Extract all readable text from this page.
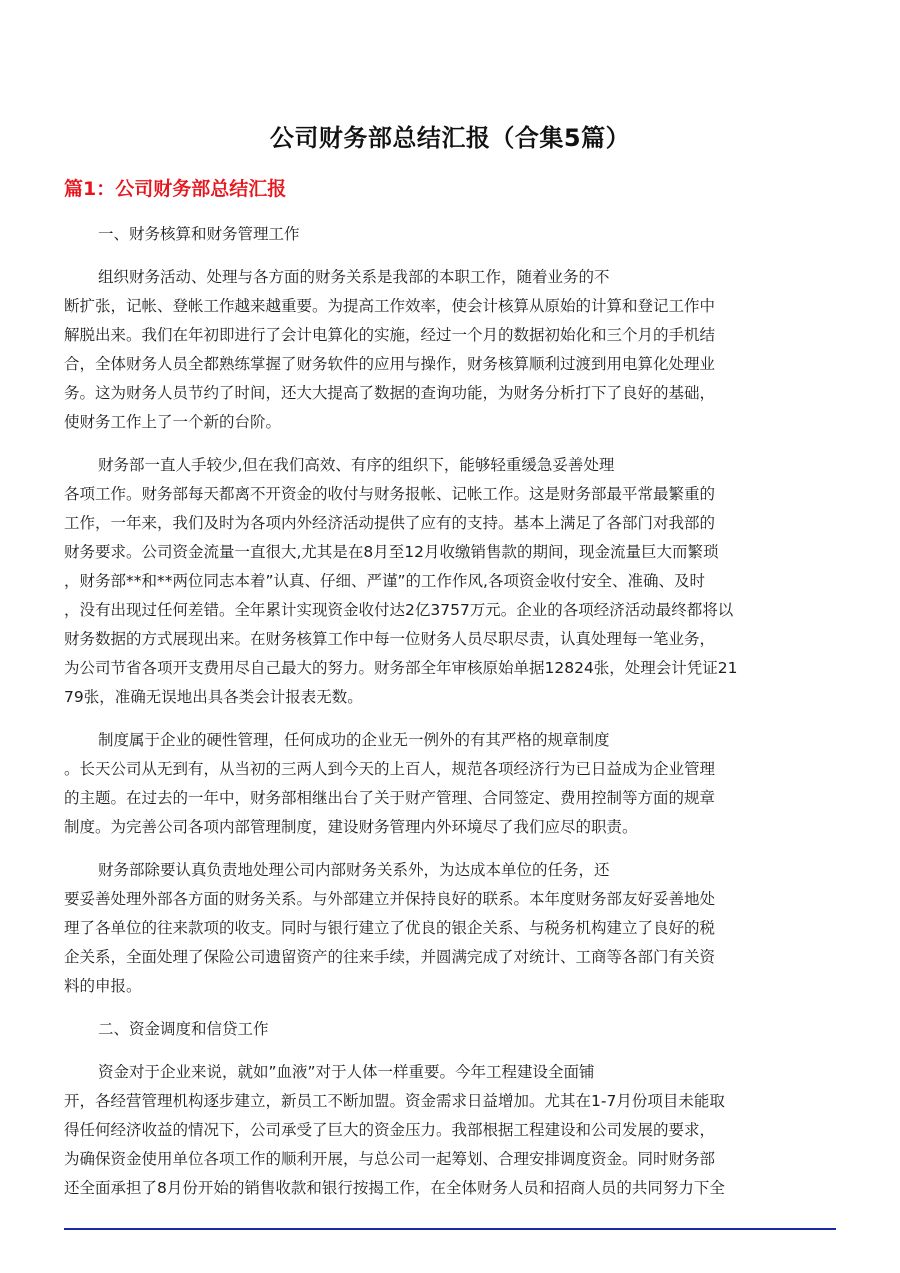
公司财务部总结汇报（合集5篇）
篇1：公司财务部总结汇报

一、财务核算和财务管理工作

组织财务活动、处理与各方面的财务关系是我部的本职工作，随着业务的不
断扩张，记帐、登帐工作越来越重要。为提高工作效率，使会计核算从原始的计算和登记工作中
解脱出来。我们在年初即进行了会计电算化的实施，经过一个月的数据初始化和三个月的手机结
合，全体财务人员全都熟练掌握了财务软件的应用与操作，财务核算顺利过渡到用电算化处理业
务。这为财务人员节约了时间，还大大提高了数据的查询功能，为财务分析打下了良好的基础，
使财务工作上了一个新的台阶。
财务部一直人手较少,但在我们高效、有序的组织下，能够轻重缓急妥善处理
各项工作。财务部每天都离不开资金的收付与财务报帐、记帐工作。这是财务部最平常最繁重的
工作，一年来，我们及时为各项内外经济活动提供了应有的支持。基本上满足了各部门对我部的
财务要求。公司资金流量一直很大,尤其是在8月至12月收缴销售款的期间，现金流量巨大而繁琐
，财务部**和**两位同志本着”认真、仔细、严谨”的工作作风,各项资金收付安全、准确、及时
，没有出现过任何差错。全年累计实现资金收付达2亿3757万元。企业的各项经济活动最终都将以
财务数据的方式展现出来。在财务核算工作中每一位财务人员尽职尽责，认真处理每一笔业务，
为公司节省各项开支费用尽自己最大的努力。财务部全年审核原始单据12824张，处理会计凭证21
79张，准确无误地出具各类会计报表无数。
制度属于企业的硬性管理，任何成功的企业无一例外的有其严格的规章制度
。长天公司从无到有，从当初的三两人到今天的上百人，规范各项经济行为已日益成为企业管理
的主题。在过去的一年中，财务部相继出台了关于财产管理、合同签定、费用控制等方面的规章
制度。为完善公司各项内部管理制度，建设财务管理内外环境尽了我们应尽的职责。
财务部除要认真负责地处理公司内部财务关系外，为达成本单位的任务，还
要妥善处理外部各方面的财务关系。与外部建立并保持良好的联系。本年度财务部友好妥善地处
理了各单位的往来款项的收支。同时与银行建立了优良的银企关系、与税务机构建立了良好的税
企关系，全面处理了保险公司遗留资产的往来手续，并圆满完成了对统计、工商等各部门有关资
料的申报。

二、资金调度和信贷工作

资金对于企业来说，就如”血液”对于人体一样重要。今年工程建设全面铺
开，各经营管理机构逐步建立，新员工不断加盟。资金需求日益增加。尤其在1-7月份项目未能取
得任何经济收益的情况下，公司承受了巨大的资金压力。我部根据工程建设和公司发展的要求，
为确保资金使用单位各项工作的顺利开展，与总公司一起筹划、合理安排调度资金。同时财务部
还全面承担了8月份开始的销售收款和银行按揭工作，在全体财务人员和招商人员的共同努力下全
